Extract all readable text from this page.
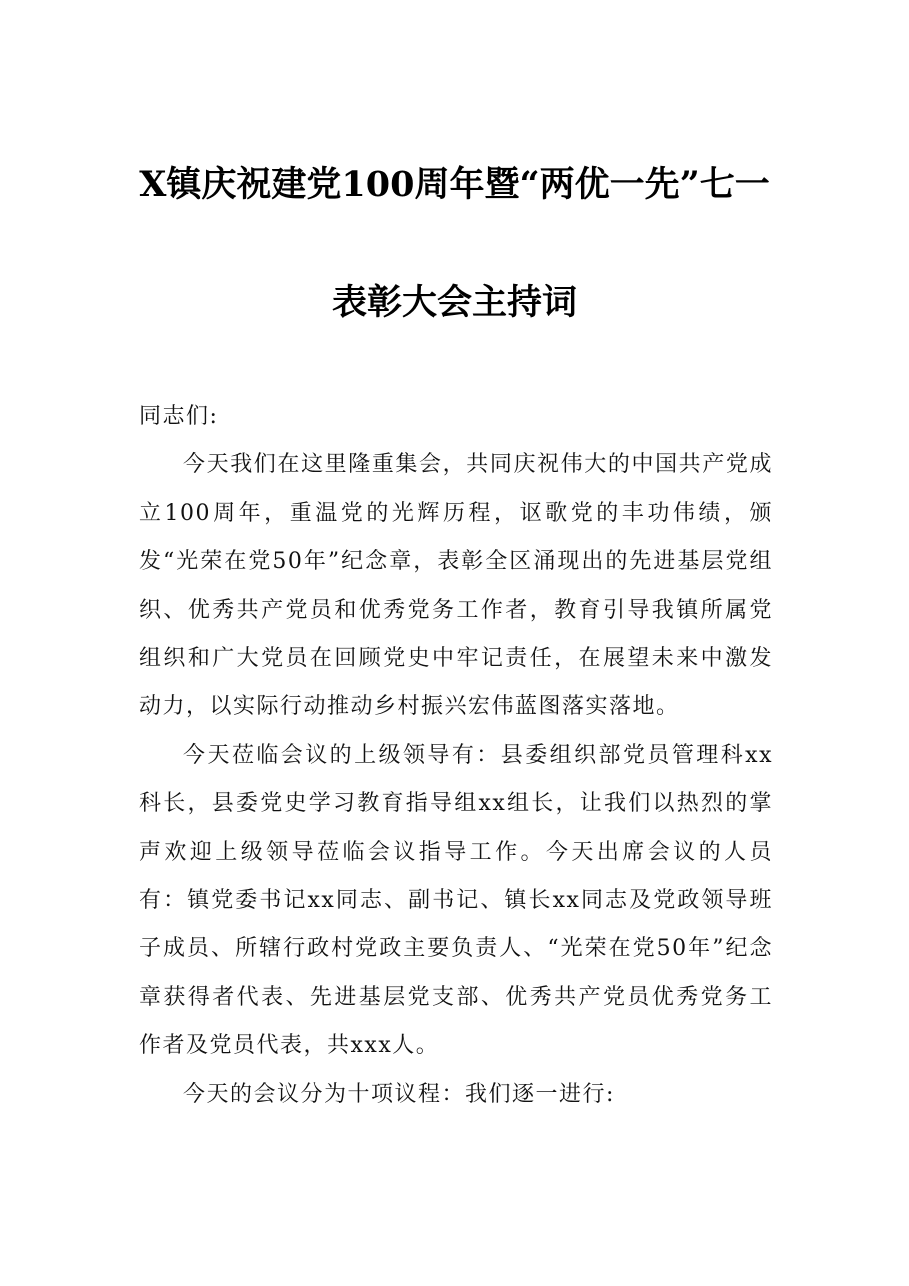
X镇庆祝建党100周年暨“两优一先”七一
表彰大会主持词

同志们:

今天我们在这里隆重集会，共同庆祝伟大的中国共产党成立100周年，重温党的光辉历程，讴歌党的丰功伟绩，颁发“光荣在党50年”纪念章，表彰全区涌现出的先进基层党组织、优秀共产党员和优秀党务工作者，教育引导我镇所属党组织和广大党员在回顾党史中牢记责任，在展望未来中激发动力，以实际行动推动乡村振兴宏伟蓝图落实落地。

今天莅临会议的上级领导有：县委组织部党员管理科xx科长，县委党史学习教育指导组xx组长，让我们以热烈的掌声欢迎上级领导莅临会议指导工作。今天出席会议的人员有：镇党委书记xx同志、副书记、镇长xx同志及党政领导班子成员、所辖行政村党政主要负责人、“光荣在党50年”纪念章获得者代表、先进基层党支部、优秀共产党员优秀党务工作者及党员代表，共xxx人。

今天的会议分为十项议程：我们逐一进行:
